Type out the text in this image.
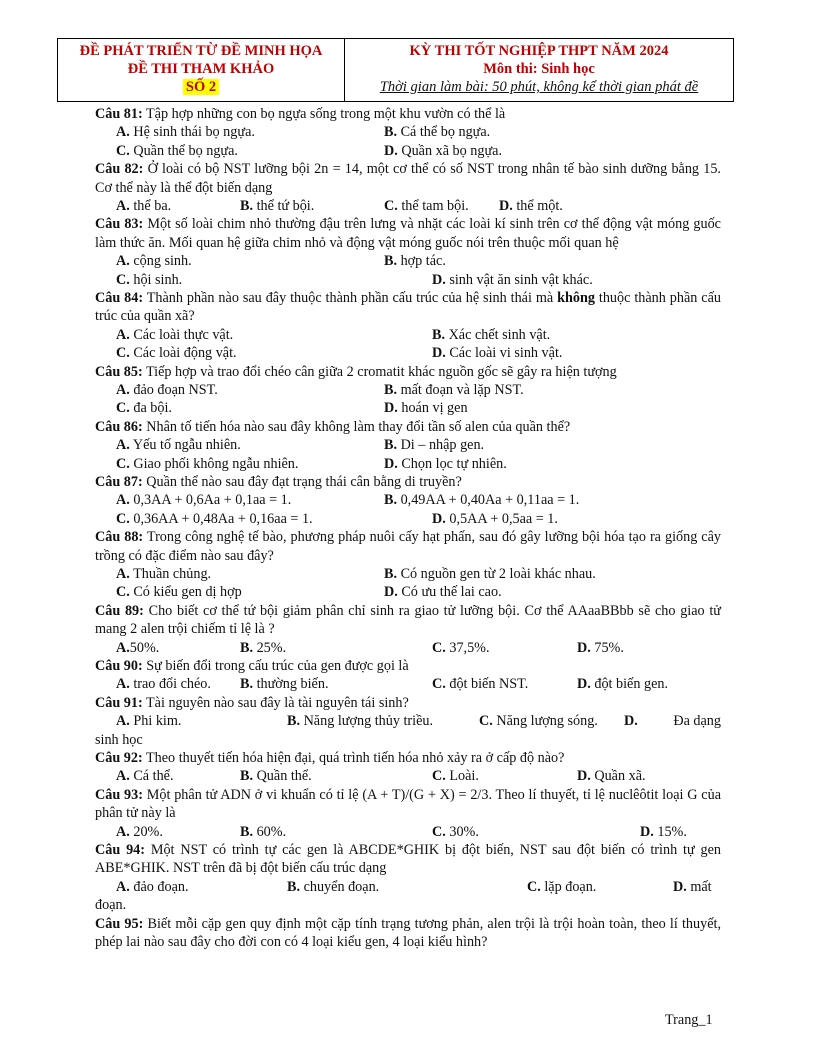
ĐỀ PHÁT TRIỂN TỪ ĐỀ MINH HỌA
ĐỀ THI THAM KHẢO
SỐ 2
KỲ THI TỐT NGHIỆP THPT NĂM 2024
Môn thi: Sinh học
Thời gian làm bài: 50 phút, không kể thời gian phát đề

Câu 81: Tập hợp những con bọ ngựa sống trong một khu vườn có thể là

A. Hệ sinh thái bọ ngựa.	B. Cá thể bọ ngựa.
C. Quần thể bọ ngựa.	D. Quần xã bọ ngựa.

Câu 82: Ở loài có bộ NST lưỡng bội 2n = 14, một cơ thể có số NST trong nhân tế bào sinh dưỡng bằng 15. Cơ thể này là thể đột biến dạng

A. thể ba.	B. thể tứ bội.	C. thể tam bội. D. thể một.

Câu 83: Một số loài chim nhỏ thường đậu trên lưng và nhặt các loài kí sinh trên cơ thể động vật móng guốc làm thức ăn. Mối quan hệ giữa chim nhỏ và động vật móng guốc nói trên thuộc mối quan hệ

A. cộng sinh.	B. hợp tác.
C. hội sinh.	D. sinh vật ăn sinh vật khác.

Câu 84: Thành phần nào sau đây thuộc thành phần cấu trúc của hệ sinh thái mà không thuộc thành phần cấu trúc của quần xã?

A. Các loài thực vật.	B. Xác chết sinh vật.
C. Các loài động vật.	D. Các loài vi sinh vật.

Câu 85: Tiếp hợp và trao đổi chéo cân giữa 2 cromatit khác nguồn gốc sẽ gây ra hiện tượng

A. đảo đoạn NST.	B. mất đoạn và lặp NST.
C. đa bội.	D. hoán vị gen

Câu 86: Nhân tố tiến hóa nào sau đây không làm thay đổi tần số alen của quần thể?

A. Yếu tố ngẫu nhiên.	B. Di – nhập gen.
C. Giao phối không ngẫu nhiên.	D. Chọn lọc tự nhiên.

Câu 87: Quần thể nào sau đây đạt trạng thái cân bằng di truyền?

A. 0,3AA + 0,6Aa + 0,1aa = 1.	B. 0,49AA + 0,40Aa + 0,11aa = 1.
C. 0,36AA + 0,48Aa + 0,16aa = 1.	D. 0,5AA + 0,5aa = 1.

Câu 88: Trong công nghệ tế bào, phương pháp nuôi cấy hạt phấn, sau đó gây lưỡng bội hóa tạo ra giống cây trồng có đặc điểm nào sau đây?

A. Thuần chủng.	B. Có nguồn gen từ 2 loài khác nhau.
C. Có kiểu gen dị hợp	D. Có ưu thế lai cao.

Câu 89: Cho biết cơ thể tứ bội giảm phân chỉ sinh ra giao tử lưỡng bội. Cơ thể AAaaBBbb sẽ cho giao tử mang 2 alen trội chiếm tỉ lệ là ?

A.50%.	B. 25%.	C. 37,5%.	D. 75%.

Câu 90: Sự biến đổi trong cấu trúc của gen được gọi là

A. trao đổi chéo. B. thường biến.	C. đột biến NST.	D. đột biến gen.

Câu 91: Tài nguyên nào sau đây là tài nguyên tái sinh?

A. Phi kim.	B. Năng lượng thủy triều.	C. Năng lượng sóng. D.	Đa dạng

sinh học

Câu 92: Theo thuyết tiến hóa hiện đại, quá trình tiến hóa nhỏ xảy ra ở cấp độ nào?

A. Cá thể.	B. Quần thể.	C. Loài.	D. Quần xã.

Câu 93: Một phân tử ADN ở vi khuẩn có tỉ lệ (A + T)/(G + X) = 2/3. Theo lí thuyết, tỉ lệ nuclêôtit loại G của phân tử này là

A. 20%.	B. 60%.	C. 30%.	D. 15%.

Câu 94: Một NST có trình tự các gen là ABCDE*GHIK bị đột biến, NST sau đột biến có trình tự gen ABE*GHIK. NST trên đã bị đột biến cấu trúc dạng

A. đảo đoạn.	B. chuyển đoạn.	C. lặp đoạn.	D. mất

đoạn.

Câu 95: Biết mỗi cặp gen quy định một cặp tính trạng tương phản, alen trội là trội hoàn toàn, theo lí thuyết, phép lai nào sau đây cho đời con có 4 loại kiểu gen, 4 loại kiểu hình?

Trang_1
